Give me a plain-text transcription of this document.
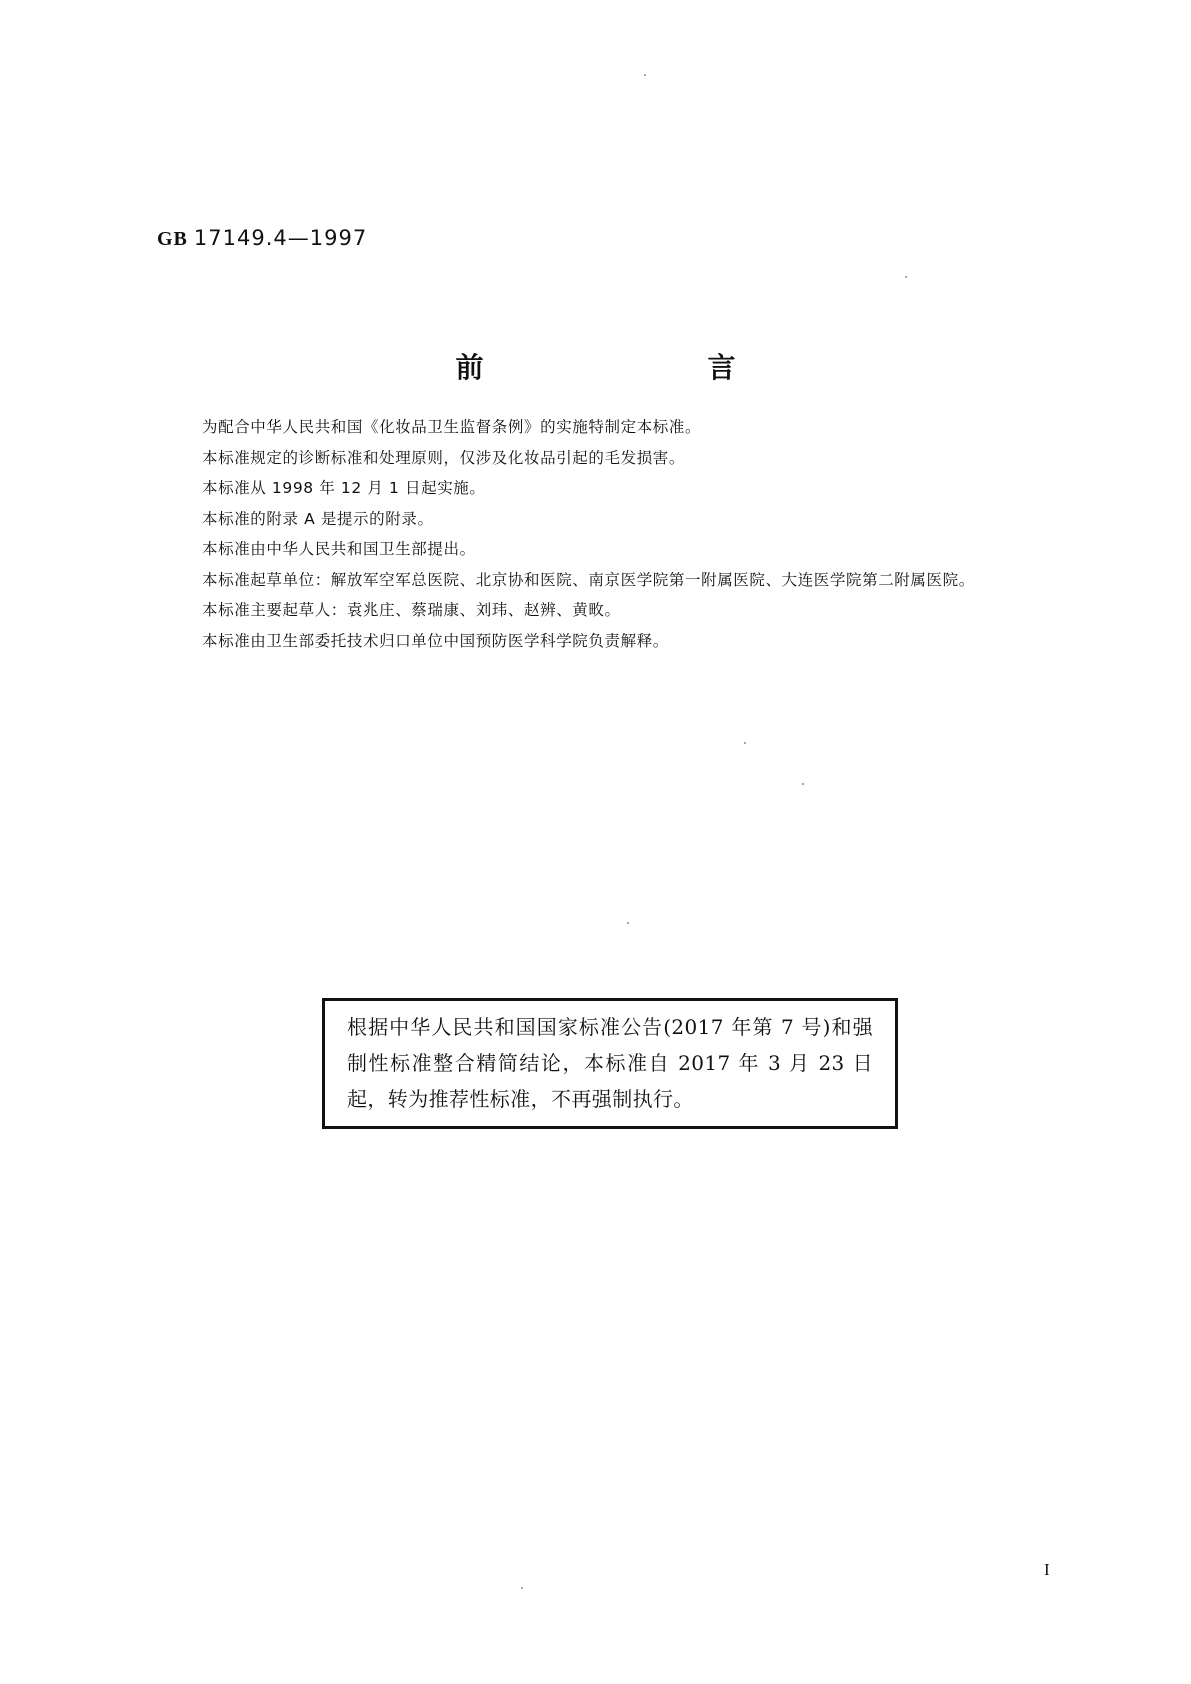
GB 17149.4—1997
前　　言

为配合中华人民共和国《化妆品卫生监督条例》的实施特制定本标准。

本标准规定的诊断标准和处理原则，仅涉及化妆品引起的毛发损害。

本标准从 1998 年 12 月 1 日起实施。

本标准的附录 A 是提示的附录。

本标准由中华人民共和国卫生部提出。

本标准起草单位：解放军空军总医院、北京协和医院、南京医学院第一附属医院、大连医学院第二附属医院。

本标准主要起草人：袁兆庄、蔡瑞康、刘玮、赵辨、黄畋。

本标准由卫生部委托技术归口单位中国预防医学科学院负责解释。

根据中华人民共和国国家标准公告(2017 年第 7 号)和强制性标准整合精简结论，本标准自 2017 年 3 月 23 日起，转为推荐性标准，不再强制执行。

I
